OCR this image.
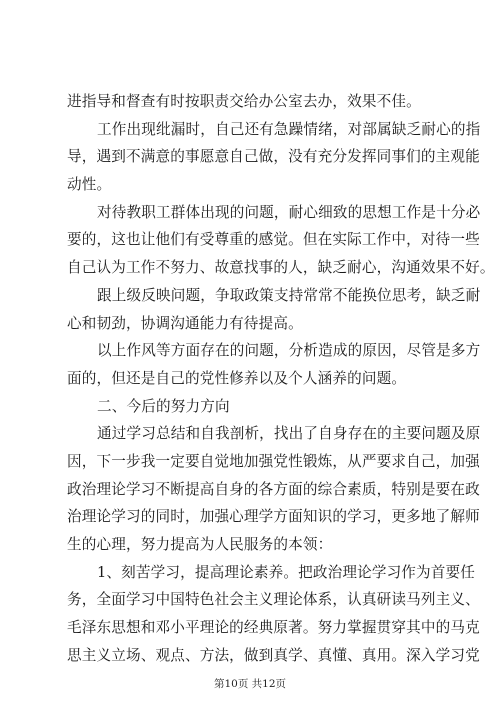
进指导和督查有时按职责交给办公室去办，效果不佳。
工作出现纰漏时，自己还有急躁情绪，对部属缺乏耐心的指
导，遇到不满意的事愿意自己做，没有充分发挥同事们的主观能
动性。
对待教职工群体出现的问题，耐心细致的思想工作是十分必
要的，这也让他们有受尊重的感觉。但在实际工作中，对待一些
自己认为工作不努力、故意找事的人，缺乏耐心，沟通效果不好。
跟上级反映问题，争取政策支持常常不能换位思考，缺乏耐
心和韧劲，协调沟通能力有待提高。
以上作风等方面存在的问题，分析造成的原因，尽管是多方
面的，但还是自己的党性修养以及个人涵养的问题。
二、今后的努力方向
通过学习总结和自我剖析，找出了自身存在的主要问题及原
因，下一步我一定要自觉地加强党性锻炼，从严要求自己，加强
政治理论学习不断提高自身的各方面的综合素质，特别是要在政
治理论学习的同时，加强心理学方面知识的学习，更多地了解师
生的心理，努力提高为人民服务的本领：
1、刻苦学习，提高理论素养。把政治理论学习作为首要任
务，全面学习中国特色社会主义理论体系，认真研读马列主义、
毛泽东思想和邓小平理论的经典原著。努力掌握贯穿其中的马克
思主义立场、观点、方法，做到真学、真懂、真用。深入学习党
第10页 共12页
